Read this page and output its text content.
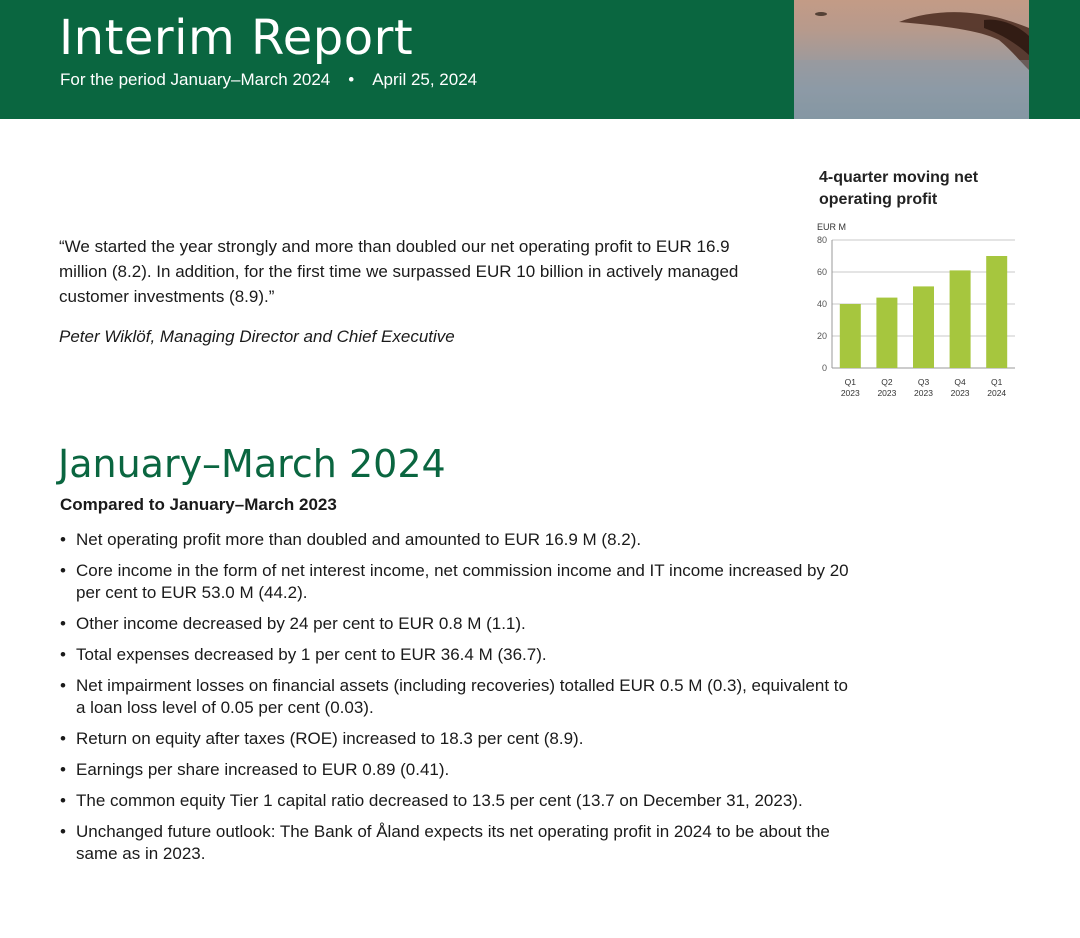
Interim Report
For the period January–March 2024 • April 25, 2024
“We started the year strongly and more than doubled our net operating profit to EUR 16.9 million (8.2). In addition, for the first time we surpassed EUR 10 billion in actively managed customer investments (8.9).”
Peter Wiklöf, Managing Director and Chief Executive
4-quarter moving net operating profit
EUR M
0
20
40
60
80
Q1
2023
Q2
2023
Q3
2023
Q4
2023
Q1
2024
January–March 2024
Compared to January–March 2023
• Net operating profit more than doubled and amounted to EUR 16.9 M (8.2).
• Core income in the form of net interest income, net commission income and IT income increased by 20 per cent to EUR 53.0 M (44.2).
• Other income decreased by 24 per cent to EUR 0.8 M (1.1).
• Total expenses decreased by 1 per cent to EUR 36.4 M (36.7).
• Net impairment losses on financial assets (including recoveries) totalled EUR 0.5 M (0.3), equivalent to a loan loss level of 0.05 per cent (0.03).
• Return on equity after taxes (ROE) increased to 18.3 per cent (8.9).
• Earnings per share increased to EUR 0.89 (0.41).
• The common equity Tier 1 capital ratio decreased to 13.5 per cent (13.7 on December 31, 2023).
• Unchanged future outlook: The Bank of Åland expects its net operating profit in 2024 to be about the same as in 2023.
